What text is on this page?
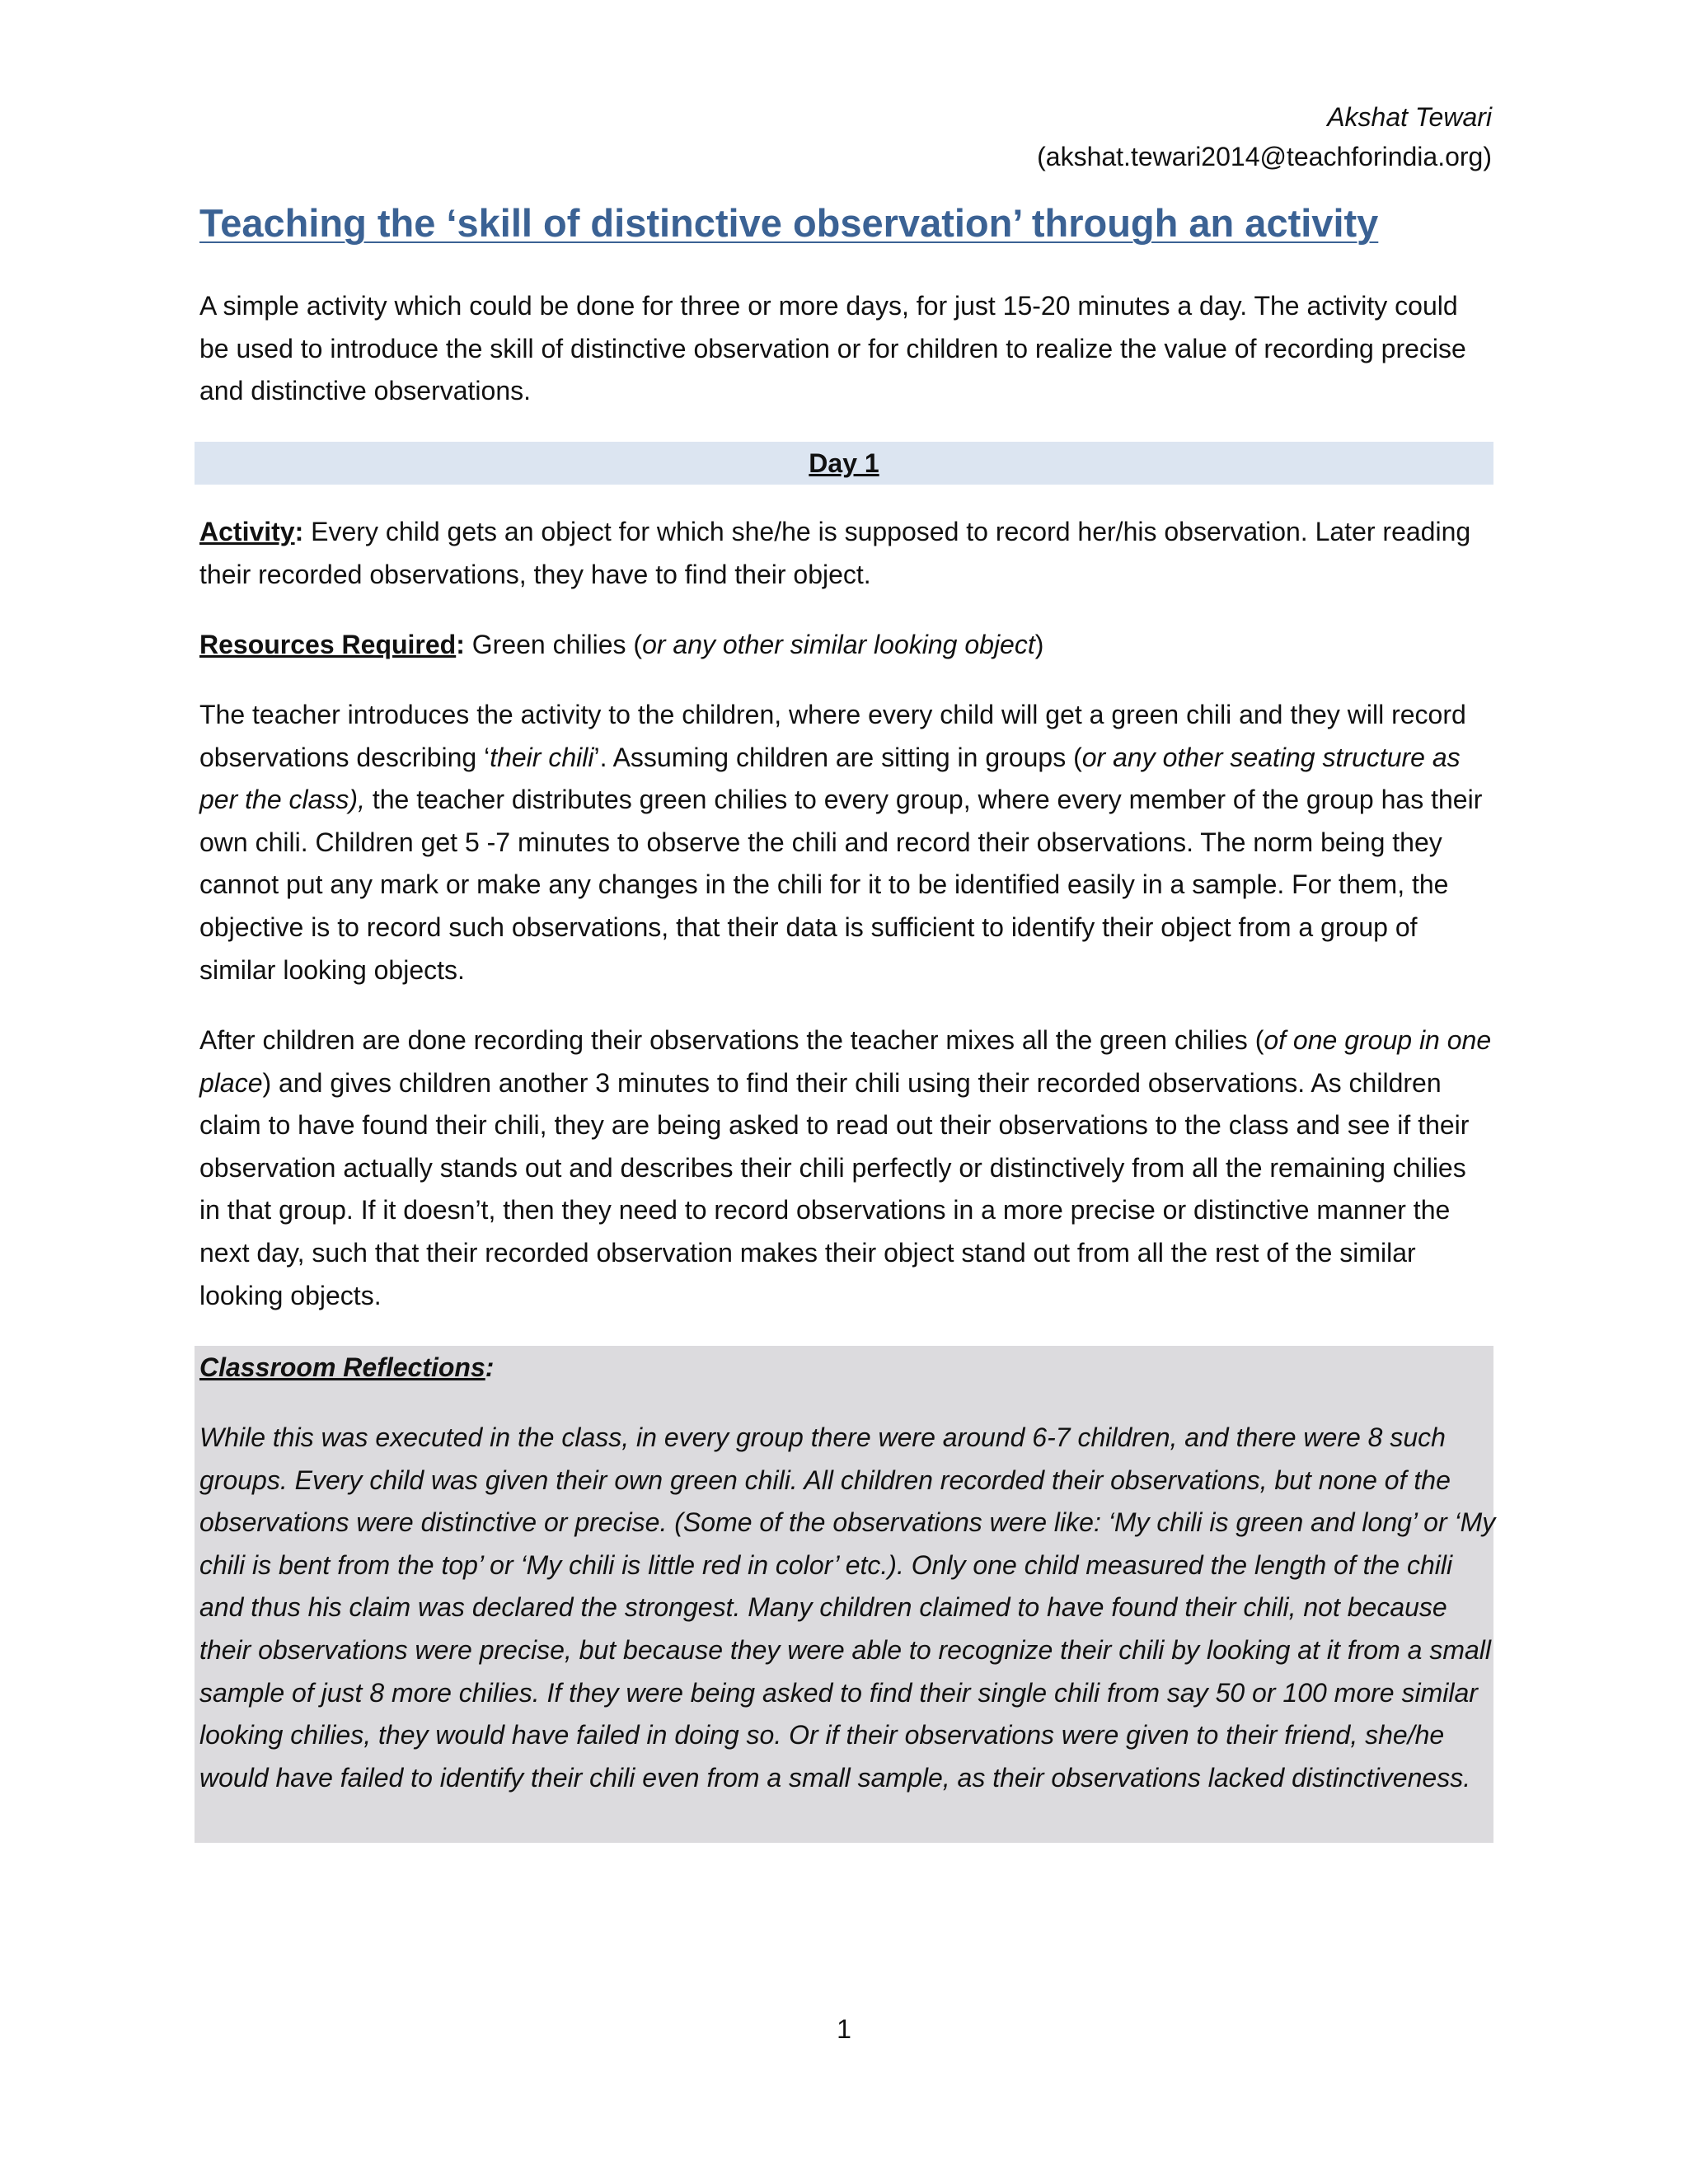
Akshat Tewari
(akshat.tewari2014@teachforindia.org)
Teaching the ‘skill of distinctive observation’ through an activity

A simple activity which could be done for three or more days, for just 15-20 minutes a day. The activity could be used to introduce the skill of distinctive observation or for children to realize the value of recording precise and distinctive observations.

Day 1

Activity: Every child gets an object for which she/he is supposed to record her/his observation. Later reading their recorded observations, they have to find their object.

Resources Required: Green chilies (or any other similar looking object)

The teacher introduces the activity to the children, where every child will get a green chili and they will record observations describing ‘their chili’. Assuming children are sitting in groups (or any other seating structure as per the class), the teacher distributes green chilies to every group, where every member of the group has their own chili. Children get 5 -7 minutes to observe the chili and record their observations. The norm being they cannot put any mark or make any changes in the chili for it to be identified easily in a sample. For them, the objective is to record such observations, that their data is sufficient to identify their object from a group of similar looking objects.

After children are done recording their observations the teacher mixes all the green chilies (of one group in one place) and gives children another 3 minutes to find their chili using their recorded observations. As children claim to have found their chili, they are being asked to read out their observations to the class and see if their observation actually stands out and describes their chili perfectly or distinctively from all the remaining chilies in that group. If it doesn’t, then they need to record observations in a more precise or distinctive manner the next day, such that their recorded observation makes their object stand out from all the rest of the similar looking objects.

Classroom Reflections:

While this was executed in the class, in every group there were around 6-7 children, and there were 8 such groups. Every child was given their own green chili. All children recorded their observations, but none of the observations were distinctive or precise. (Some of the observations were like: ‘My chili is green and long’ or ‘My chili is bent from the top’ or ‘My chili is little red in color’ etc.). Only one child measured the length of the chili and thus his claim was declared the strongest. Many children claimed to have found their chili, not because their observations were precise, but because they were able to recognize their chili by looking at it from a small sample of just 8 more chilies. If they were being asked to find their single chili from say 50 or 100 more similar looking chilies, they would have failed in doing so. Or if their observations were given to their friend, she/he would have failed to identify their chili even from a small sample, as their observations lacked distinctiveness.

1
